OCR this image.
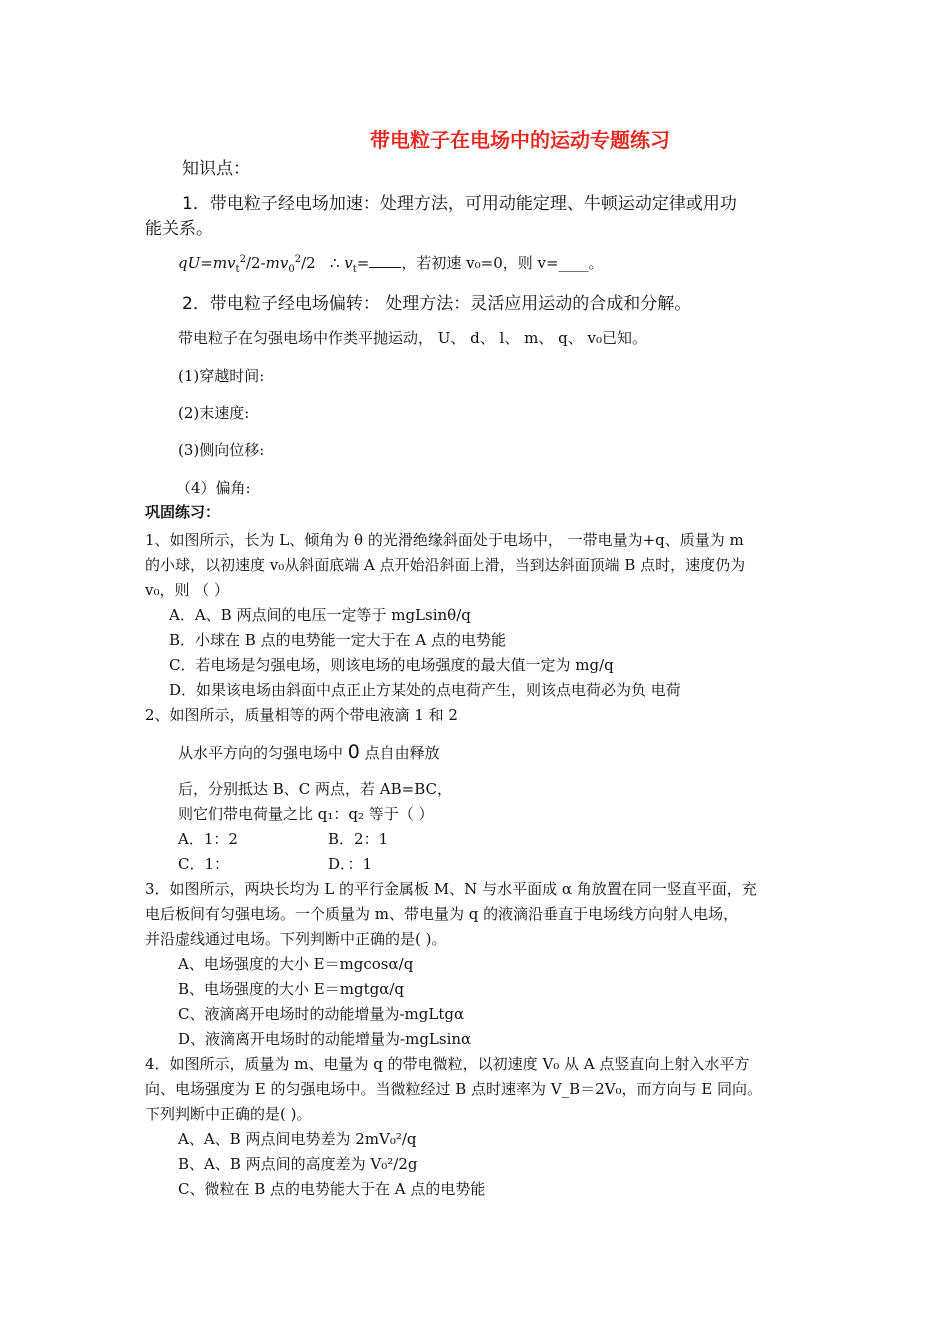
带电粒子在电场中的运动专题练习
知识点：
1．带电粒子经电场加速：处理方法，可用动能定理、牛顿运动定律或用功
能关系。
$qU=mv_t^2/2-mv_0^2/2$   ∴ $v_t=$ ，若初速 v₀=0，则 v=____。
2．带电粒子经电场偏转： 处理方法：灵活应用运动的合成和分解。
带电粒子在匀强电场中作类平抛运动， U、 d、 l、 m、 q、 v₀已知。
(1)穿越时间:
(2)末速度:
(3)侧向位移:
（4）偏角:
巩固练习：
1、如图所示，长为 L、倾角为 θ 的光滑绝缘斜面处于电场中， 一带电量为+q、质量为 m
的小球，以初速度 v₀从斜面底端 A 点开始沿斜面上滑，当到达斜面顶端 B 点时，速度仍为
v₀，则 （ ）
A．A、B 两点间的电压一定等于 mgLsinθ/q
B．小球在 B 点的电势能一定大于在 A 点的电势能
C．若电场是匀强电场，则该电场的电场强度的最大值一定为 mg/q
D．如果该电场由斜面中点正止方某处的点电荷产生，则该点电荷必为负 电荷
2、如图所示，质量相等的两个带电液滴 1 和 2
从水平方向的匀强电场中 0 点自由释放
后，分别抵达 B、C 两点，若 AB=BC，
则它们带电荷量之比 q₁：q₂ 等于（ ）
A．1：2	B．2：1
C．1：	D．：1
3．如图所示，两块长均为 L 的平行金属板 M、N 与水平面成 α 角放置在同一竖直平面，充
电后板间有匀强电场。一个质量为 m、带电量为 q 的液滴沿垂直于电场线方向射人电场，
并沿虚线通过电场。下列判断中正确的是( )。
A、电场强度的大小 E＝mgcosα/q
B、电场强度的大小 E＝mgtgα/q
C、液滴离开电场时的动能增量为-mgLtgα
D、液滴离开电场时的动能增量为-mgLsinα
4．如图所示，质量为 m、电量为 q 的带电微粒，以初速度 V₀ 从 A 点竖直向上射入水平方
向、电场强度为 E 的匀强电场中。当微粒经过 B 点时速率为 V_B＝2V₀，而方向与 E 同向。
下列判断中正确的是( )。
A、A、B 两点间电势差为 2mV₀²/q
B、A、B 两点间的高度差为 V₀²/2g
C、微粒在 B 点的电势能大于在 A 点的电势能
